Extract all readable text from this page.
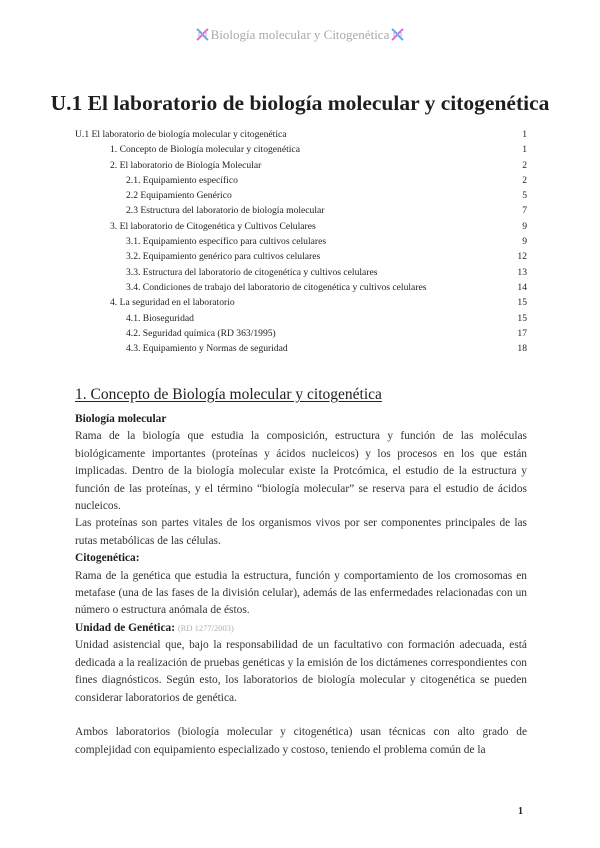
Biología molecular y Citogenética
U.1 El laboratorio de biología molecular y citogenética
U.1 El laboratorio de biología molecular y citogenética	1
1. Concepto de Biología molecular y citogenética	1
2. El laboratorio de Biología Molecular	2
2.1. Equipamiento específico	2
2.2 Equipamiento Genérico	5
2.3 Estructura del laboratorio de biología molecular	7
3. El laboratorio de Citogenética y Cultivos Celulares	9
3.1. Equipamiento específico para cultivos celulares	9
3.2. Equipamiento genérico para cultivos celulares	12
3.3. Estructura del laboratorio de citogenética y cultivos celulares	13
3.4. Condiciones de trabajo del laboratorio de citogenética y cultivos celulares	14
4. La seguridad en el laboratorio	15
4.1. Bioseguridad	15
4.2. Seguridad química (RD 363/1995)	17
4.3. Equipamiento y Normas de seguridad	18
1. Concepto de Biología molecular y citogenética

Biología molecular

Rama de la biología que estudia la composición, estructura y función de las moléculas biológicamente importantes (proteínas y ácidos nucleicos) y los procesos en los que están implicadas. Dentro de la biología molecular existe la Protcómica, el estudio de la estructura y función de las proteínas, y el término “biología molecular” se reserva para el estudio de ácidos nucleicos.

Las proteínas son partes vitales de los organismos vivos por ser componentes principales de las rutas metabólicas de las células.

Citogenética:

Rama de la genética que estudia la estructura, función y comportamiento de los cromosomas en metafase (una de las fases de la división celular), además de las enfermedades relacionadas con un número o estructura anómala de éstos.

Unidad de Genética: (RD 1277/2003)

Unidad asistencial que, bajo la responsabilidad de un facultativo con formación adecuada, está dedicada a la realización de pruebas genéticas y la emisión de los dictámenes correspondientes con fines diagnósticos. Según esto, los laboratorios de biología molecular y citogenética se pueden considerar laboratorios de genética.

Ambos laboratorios (biología molecular y citogenética) usan técnicas con alto grado de complejidad con equipamiento especializado y costoso, teniendo el problema común de la

1
